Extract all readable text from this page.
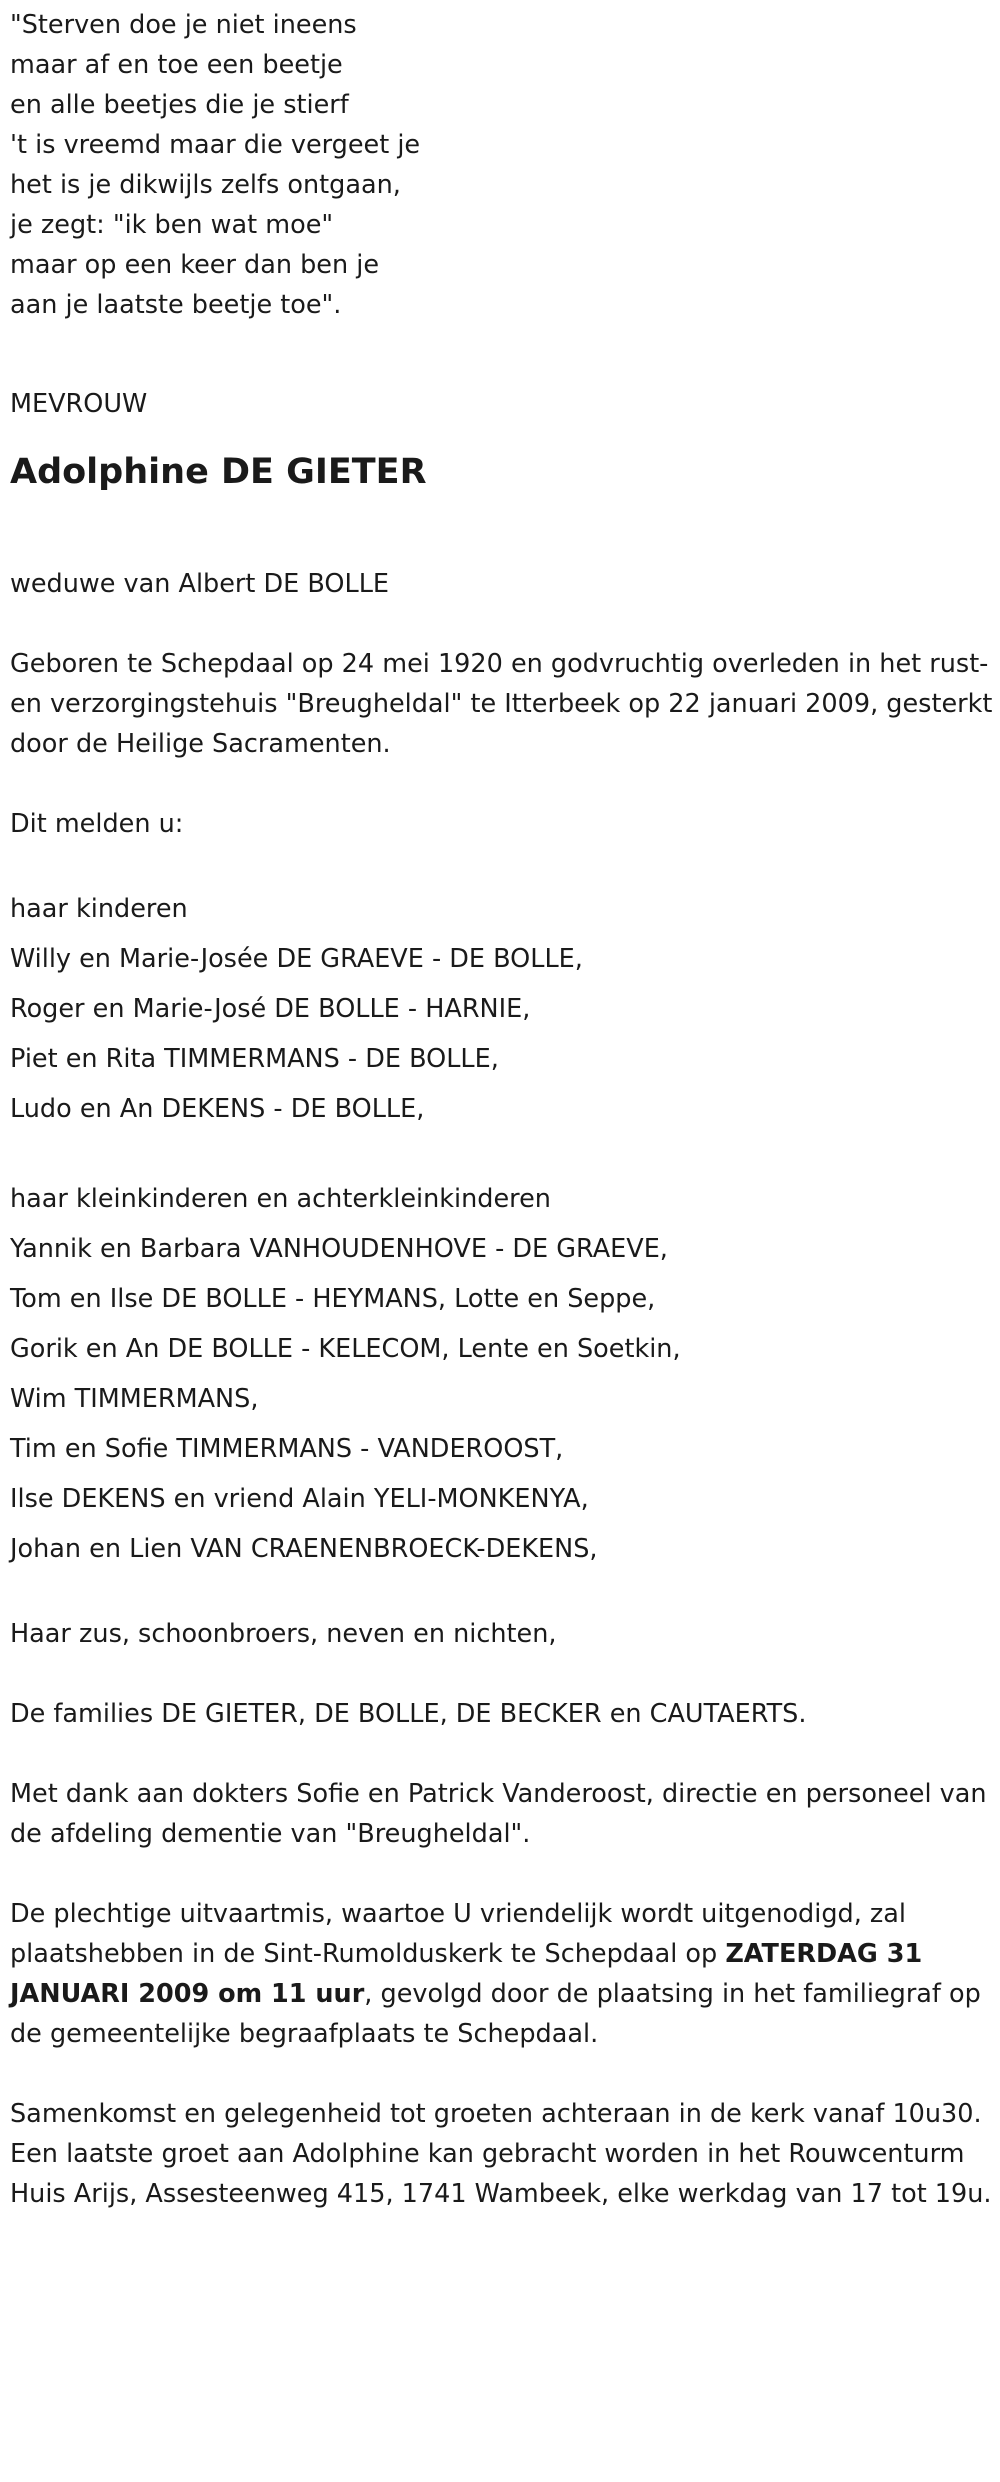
"Sterven doe je niet ineens

maar af en toe een beetje

en alle beetjes die je stierf

't is vreemd maar die vergeet je

het is je dikwijls zelfs ontgaan,

je zegt: "ik ben wat moe"

maar op een keer dan ben je

aan je laatste beetje toe".

MEVROUW

Adolphine DE GIETER

weduwe van Albert DE BOLLE

Geboren te Schepdaal op 24 mei 1920 en godvruchtig overleden in het rust- en verzorgingstehuis "Breugheldal" te Itterbeek op 22 januari 2009, gesterkt door de Heilige Sacramenten.

Dit melden u:

haar kinderen

Willy en Marie-Josée DE GRAEVE - DE BOLLE,

Roger en Marie-José DE BOLLE - HARNIE,

Piet en Rita TIMMERMANS - DE BOLLE,

Ludo en An DEKENS - DE BOLLE,

haar kleinkinderen en achterkleinkinderen

Yannik en Barbara VANHOUDENHOVE - DE GRAEVE,

Tom en Ilse DE BOLLE - HEYMANS, Lotte en Seppe,

Gorik en An DE BOLLE - KELECOM, Lente en Soetkin,

Wim TIMMERMANS,

Tim en Sofie TIMMERMANS - VANDEROOST,

Ilse DEKENS en vriend Alain YELI-MONKENYA,

Johan en Lien VAN CRAENENBROECK-DEKENS,

Haar zus, schoonbroers, neven en nichten,

De families DE GIETER, DE BOLLE, DE BECKER en CAUTAERTS.

Met dank aan dokters Sofie en Patrick Vanderoost, directie en personeel van de afdeling dementie van "Breugheldal".

De plechtige uitvaartmis, waartoe U vriendelijk wordt uitgenodigd, zal plaatshebben in de Sint-Rumolduskerk te Schepdaal op ZATERDAG 31 JANUARI 2009 om 11 uur, gevolgd door de plaatsing in het familiegraf op de gemeentelijke begraafplaats te Schepdaal.

Samenkomst en gelegenheid tot groeten achteraan in de kerk vanaf 10u30.

Een laatste groet aan Adolphine kan gebracht worden in het Rouwcenturm Huis Arijs, Assesteenweg 415, 1741 Wambeek, elke werkdag van 17 tot 19u.
